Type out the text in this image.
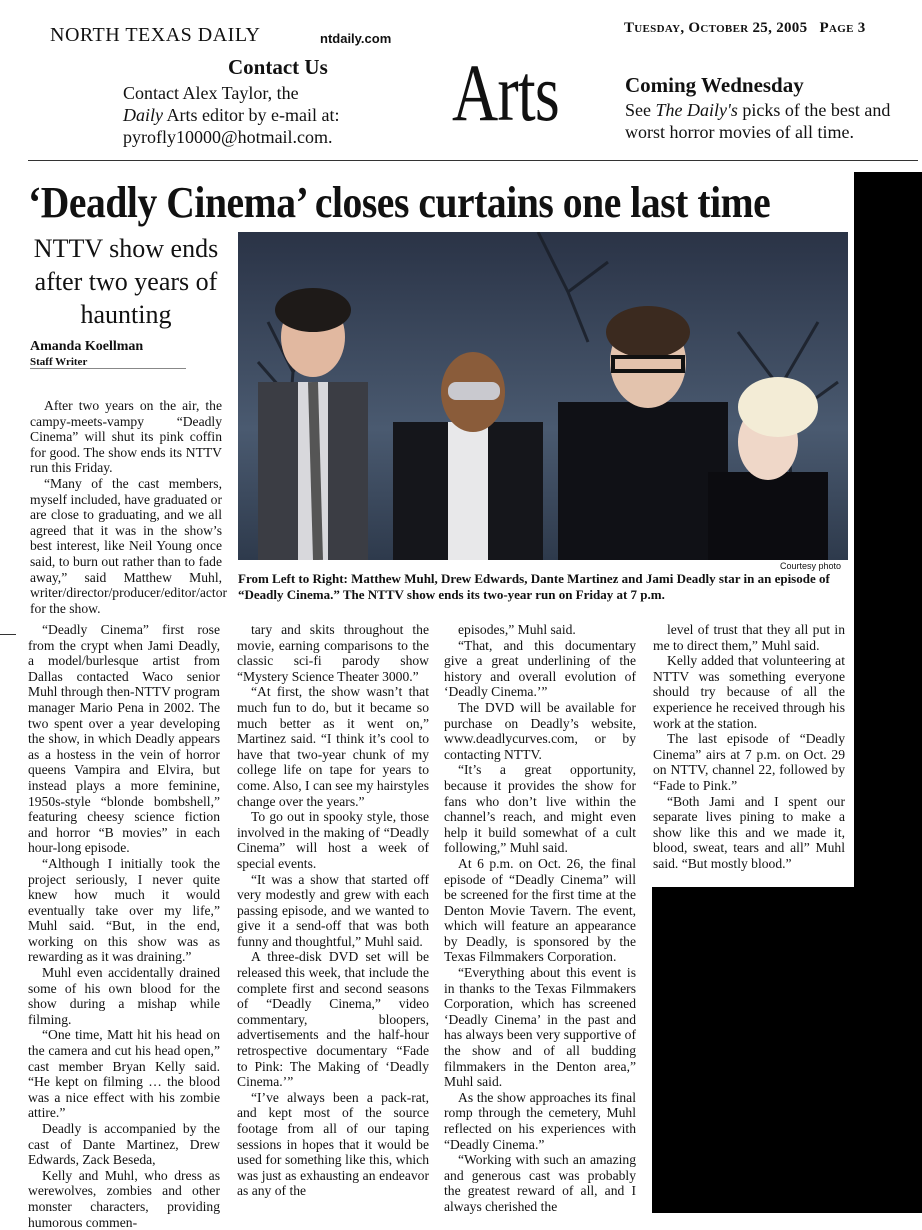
NORTH TEXAS DAILY	ntdaily.com
Tuesday, October 25, 2005   Page 3
Contact Us
Contact Alex Taylor, the
Daily Arts editor by e-mail at:
pyrofly10000@hotmail.com.	Arts	Coming Wednesday
See The Daily's picks of the best and
worst horror movies of all time.
‘Deadly Cinema’ closes curtains one last time
NTTV show ends after two years of haunting
Amanda Koellman
Staff Writer
Courtesy photo
From Left to Right: Matthew Muhl, Drew Edwards, Dante Martinez and Jami Deadly star in an episode of “Deadly Cinema.” The NTTV show ends its two-year run on Friday at 7 p.m.

After two years on the air, the campy-meets-vampy “Deadly Cinema” will shut its pink coffin for good. The show ends its NTTV run this Friday.

“Many of the cast members, myself included, have graduated or are close to graduating, and we all agreed that it was in the show’s best interest, like Neil Young once said, to burn out rather than to fade away,” said Matthew Muhl, writer/director/producer/editor/actor for the show.

“Deadly Cinema” first rose from the crypt when Jami Deadly, a model/burlesque artist from Dallas contacted Waco senior Muhl through then-NTTV program manager Mario Pena in 2002. The two spent over a year developing the show, in which Deadly appears as a hostess in the vein of horror queens Vampira and Elvira, but instead plays a more feminine, 1950s-style “blonde bombshell,” featuring cheesy science fiction and horror “B movies” in each hour-long episode.

“Although I initially took the project seriously, I never quite knew how much it would eventually take over my life,” Muhl said. “But, in the end, working on this show was as rewarding as it was draining.”

Muhl even accidentally drained some of his own blood for the show during a mishap while filming.

“One time, Matt hit his head on the camera and cut his head open,” cast member Bryan Kelly said. “He kept on filming … the blood was a nice effect with his zombie attire.”

Deadly is accompanied by the cast of Dante Martinez, Drew Edwards, Zack Beseda,

Kelly and Muhl, who dress as werewolves, zombies and other monster characters, providing humorous commen-

tary and skits throughout the movie, earning comparisons to the classic sci-fi parody show “Mystery Science Theater 3000.”

“At first, the show wasn’t that much fun to do, but it became so much better as it went on,” Martinez said. “I think it’s cool to have that two-year chunk of my college life on tape for years to come. Also, I can see my hairstyles change over the years.”

To go out in spooky style, those involved in the making of “Deadly Cinema” will host a week of special events.

“It was a show that started off very modestly and grew with each passing episode, and we wanted to give it a send-off that was both funny and thoughtful,” Muhl said.

A three-disk DVD set will be released this week, that include the complete first and second seasons of “Deadly Cinema,” video commentary, bloopers, advertisements and the half-hour retrospective documentary “Fade to Pink: The Making of ‘Deadly Cinema.’”

“I’ve always been a pack-rat, and kept most of the source footage from all of our taping sessions in hopes that it would be used for something like this, which was just as exhausting an endeavor as any of the

episodes,” Muhl said.

“That, and this documentary give a great underlining of the history and overall evolution of ‘Deadly Cinema.’”

The DVD will be available for purchase on Deadly’s website, www.deadlycurves.com, or by contacting NTTV.

“It’s a great opportunity, because it provides the show for fans who don’t live within the channel’s reach, and might even help it build somewhat of a cult following,” Muhl said.

At 6 p.m. on Oct. 26, the final episode of “Deadly Cinema” will be screened for the first time at the Denton Movie Tavern. The event, which will feature an appearance by Deadly, is sponsored by the Texas Filmmakers Corporation.

“Everything about this event is in thanks to the Texas Filmmakers Corporation, which has screened ‘Deadly Cinema’ in the past and has always been very supportive of the show and of all budding filmmakers in the Denton area,” Muhl said.

As the show approaches its final romp through the cemetery, Muhl reflected on his experiences with “Deadly Cinema.”

“Working with such an amazing and generous cast was probably the greatest reward of all, and I always cherished the

level of trust that they all put in me to direct them,” Muhl said.

Kelly added that volunteering at NTTV was something everyone should try because of all the experience he received through his work at the station.

The last episode of “Deadly Cinema” airs at 7 p.m. on Oct. 29 on NTTV, channel 22, followed by “Fade to Pink.”

“Both Jami and I spent our separate lives pining to make a show like this and we made it, blood, sweat, tears and all” Muhl said. “But mostly blood.”
